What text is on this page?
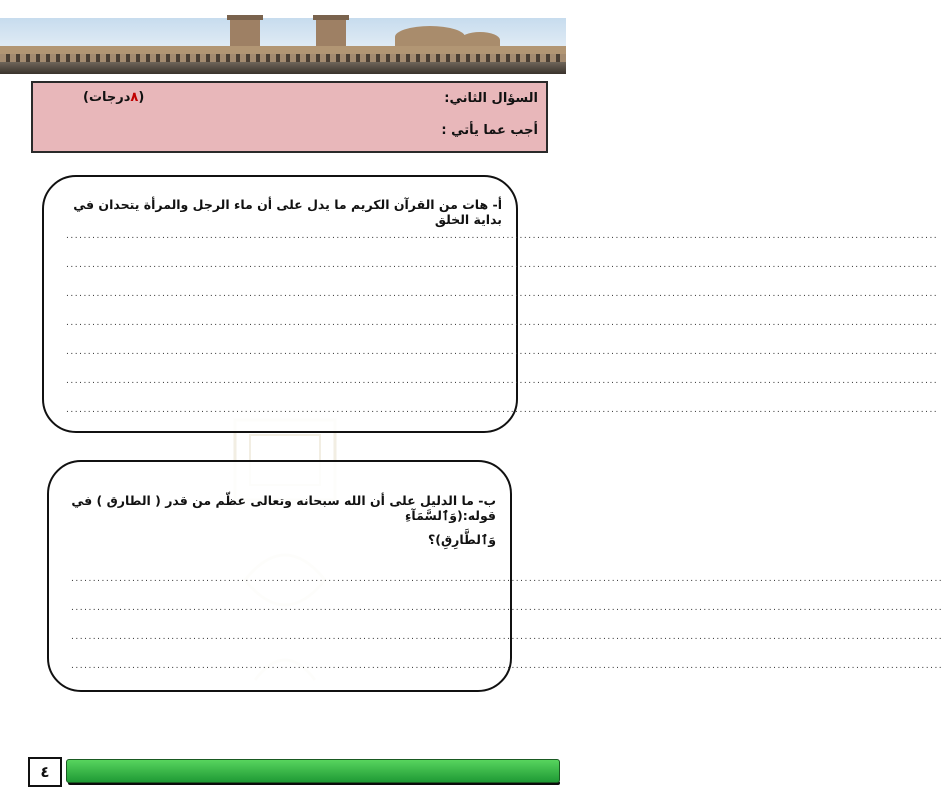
السؤال الثاني:
(٨درجات)
أجب عما يأتي :
أ- هات من القرآن الكريم ما يدل على أن ماء الرجل والمرأة يتحدان في بداية الخلق
........................................................................................................................................................................................................
........................................................................................................................................................................................................
........................................................................................................................................................................................................
........................................................................................................................................................................................................
........................................................................................................................................................................................................
........................................................................................................................................................................................................
........................................................................................................................................................................................................
ب- ما الدليل على أن الله سبحانه وتعالى عظّم من قدر ( الطارق ) في قوله:(وَٱلسَّمَآءِ
وَٱلطَّارِقِ)؟
........................................................................................................................................................................................................
........................................................................................................................................................................................................
........................................................................................................................................................................................................
........................................................................................................................................................................................................
٤
